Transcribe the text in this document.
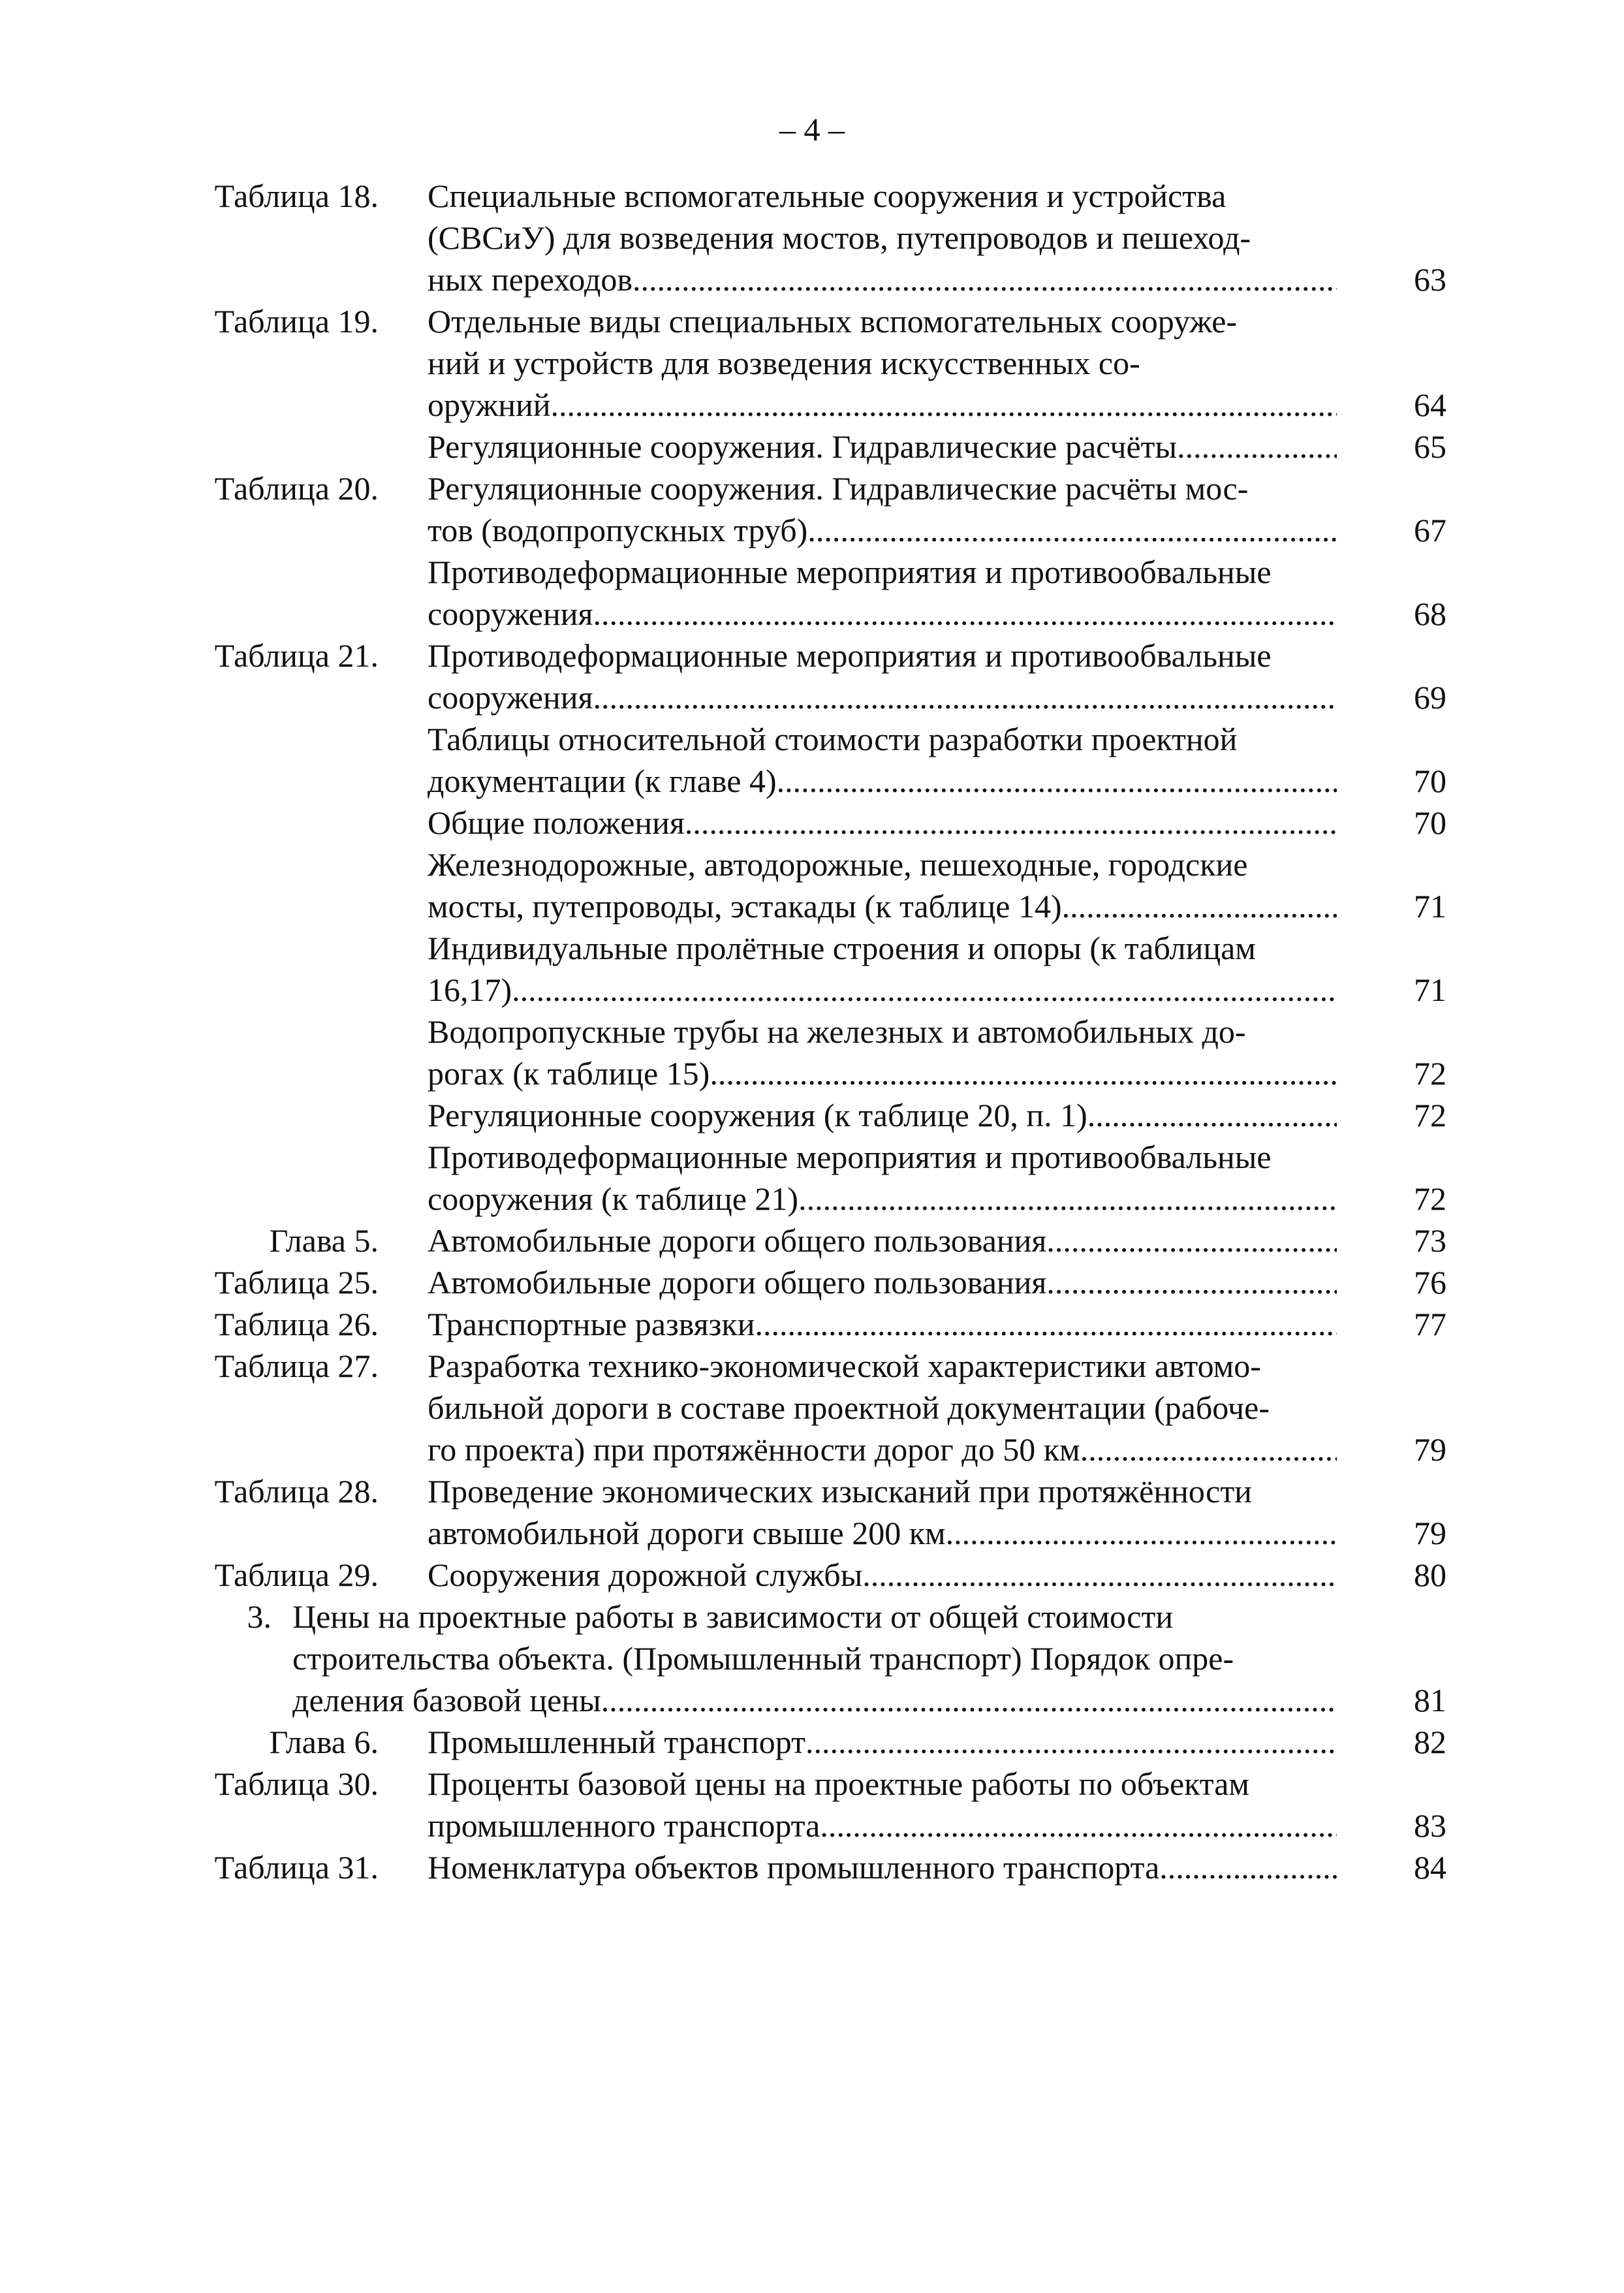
– 4 –
Таблица 18. Специальные вспомогательные сооружения и устройства
(СВСиУ) для возведения мостов, путепроводов и пешеход-
ных переходов .....	63
Таблица 19. Отдельные виды специальных вспомогательных сооруже-
ний и устройств для возведения искусственных со-
оружний .....	64
Регуляционные сооружения. Гидравлические расчёты .....	65
Таблица 20. Регуляционные сооружения. Гидравлические расчёты мос-
тов (водопропускных труб) .....	67
Противодеформационные мероприятия и противообвальные
сооружения .....	68
Таблица 21. Противодеформационные мероприятия и противообвальные
сооружения .....	69
Таблицы относительной стоимости разработки проектной
документации (к главе 4) .....	70
Общие положения .....	70
Железнодорожные, автодорожные, пешеходные, городские
мосты, путепроводы, эстакады (к таблице 14) .....	71
Индивидуальные пролётные строения и опоры (к таблицам
16,17) .....	71
Водопропускные трубы на железных и автомобильных до-
рогах (к таблице 15) .....	72
Регуляционные сооружения (к таблице 20, п. 1) .....	72
Противодеформационные мероприятия и противообвальные
сооружения (к таблице 21) .....	72
Глава 5. Автомобильные дороги общего пользования .....	73
Таблица 25. Автомобильные дороги общего пользования .....	76
Таблица 26. Транспортные развязки .....	77
Таблица 27. Разработка технико-экономической характеристики автомо-
бильной дороги в составе проектной документации (рабоче-
го проекта) при протяжённости дорог до 50 км .....	79
Таблица 28. Проведение экономических изысканий при протяжённости
автомобильной дороги свыше 200 км .....	79
Таблица 29. Сооружения дорожной службы .....	80
3. Цены на проектные работы в зависимости от общей стоимости
строительства объекта. (Промышленный транспорт) Порядок опре-
деления базовой цены .....	81
Глава 6. Промышленный транспорт .....	82
Таблица 30. Проценты базовой цены на проектные работы по объектам
промышленного транспорта .....	83
Таблица 31. Номенклатура объектов промышленного транспорта .....	84
